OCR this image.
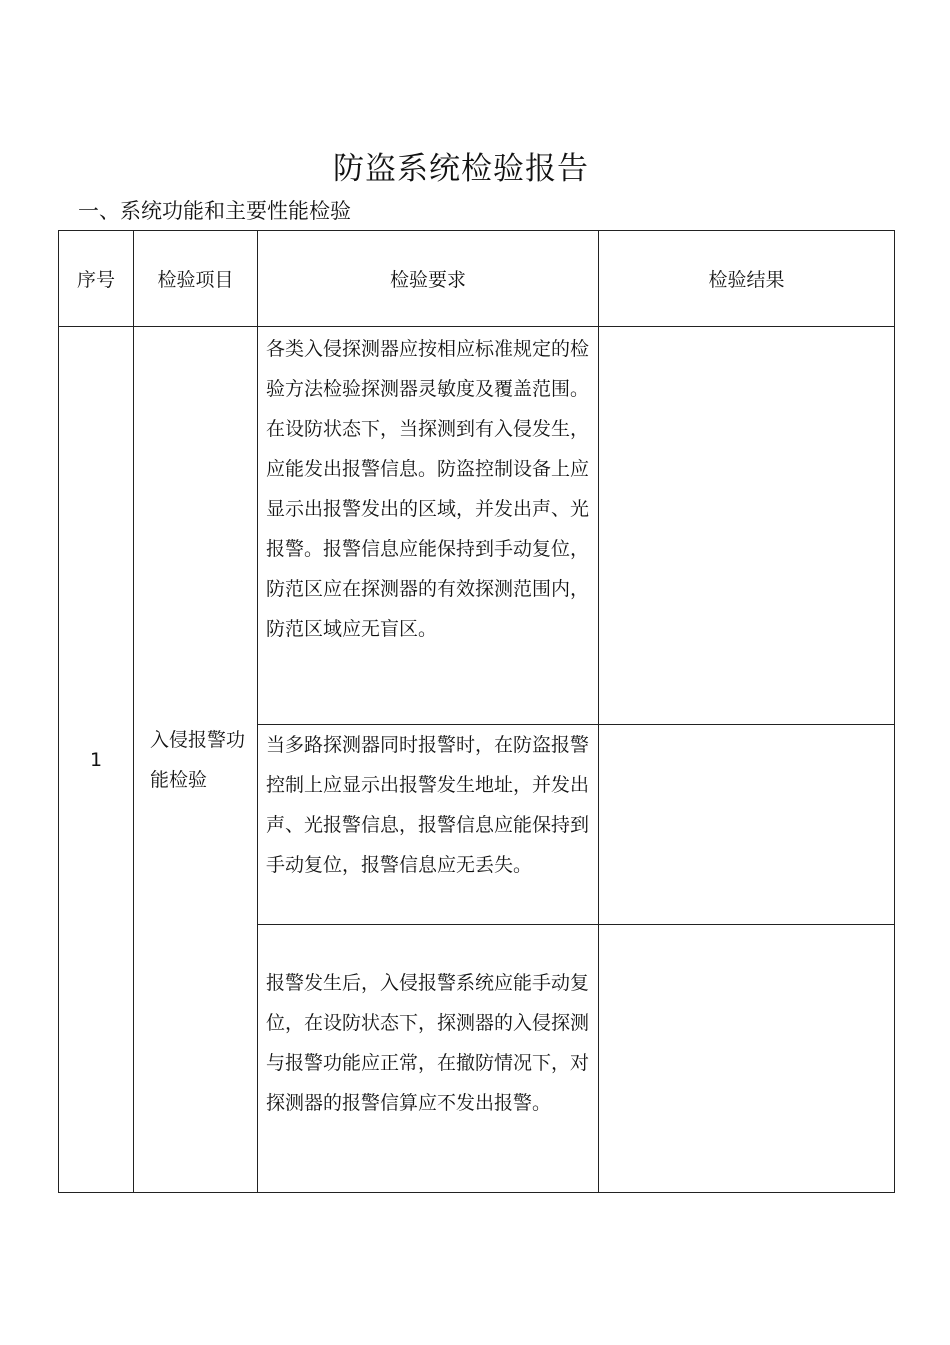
防盗系统检验报告
一、系统功能和主要性能检验
序号	检验项目	检验要求	检验结果
1	入侵报警功能检验	各类入侵探测器应按相应标准规定的检验方法检验探测器灵敏度及覆盖范围。在设防状态下，当探测到有入侵发生，应能发出报警信息。防盗控制设备上应显示出报警发出的区域，并发出声、光报警。报警信息应能保持到手动复位，防范区应在探测器的有效探测范围内，防范区域应无盲区。	

		当多路探测器同时报警时，在防盗报警控制上应显示出报警发生地址，并发出声、光报警信息，报警信息应能保持到手动复位，报警信息应无丢失。	

		报警发生后，入侵报警系统应能手动复位，在设防状态下，探测器的入侵探测与报警功能应正常，在撤防情况下，对探测器的报警信算应不发出报警。	
